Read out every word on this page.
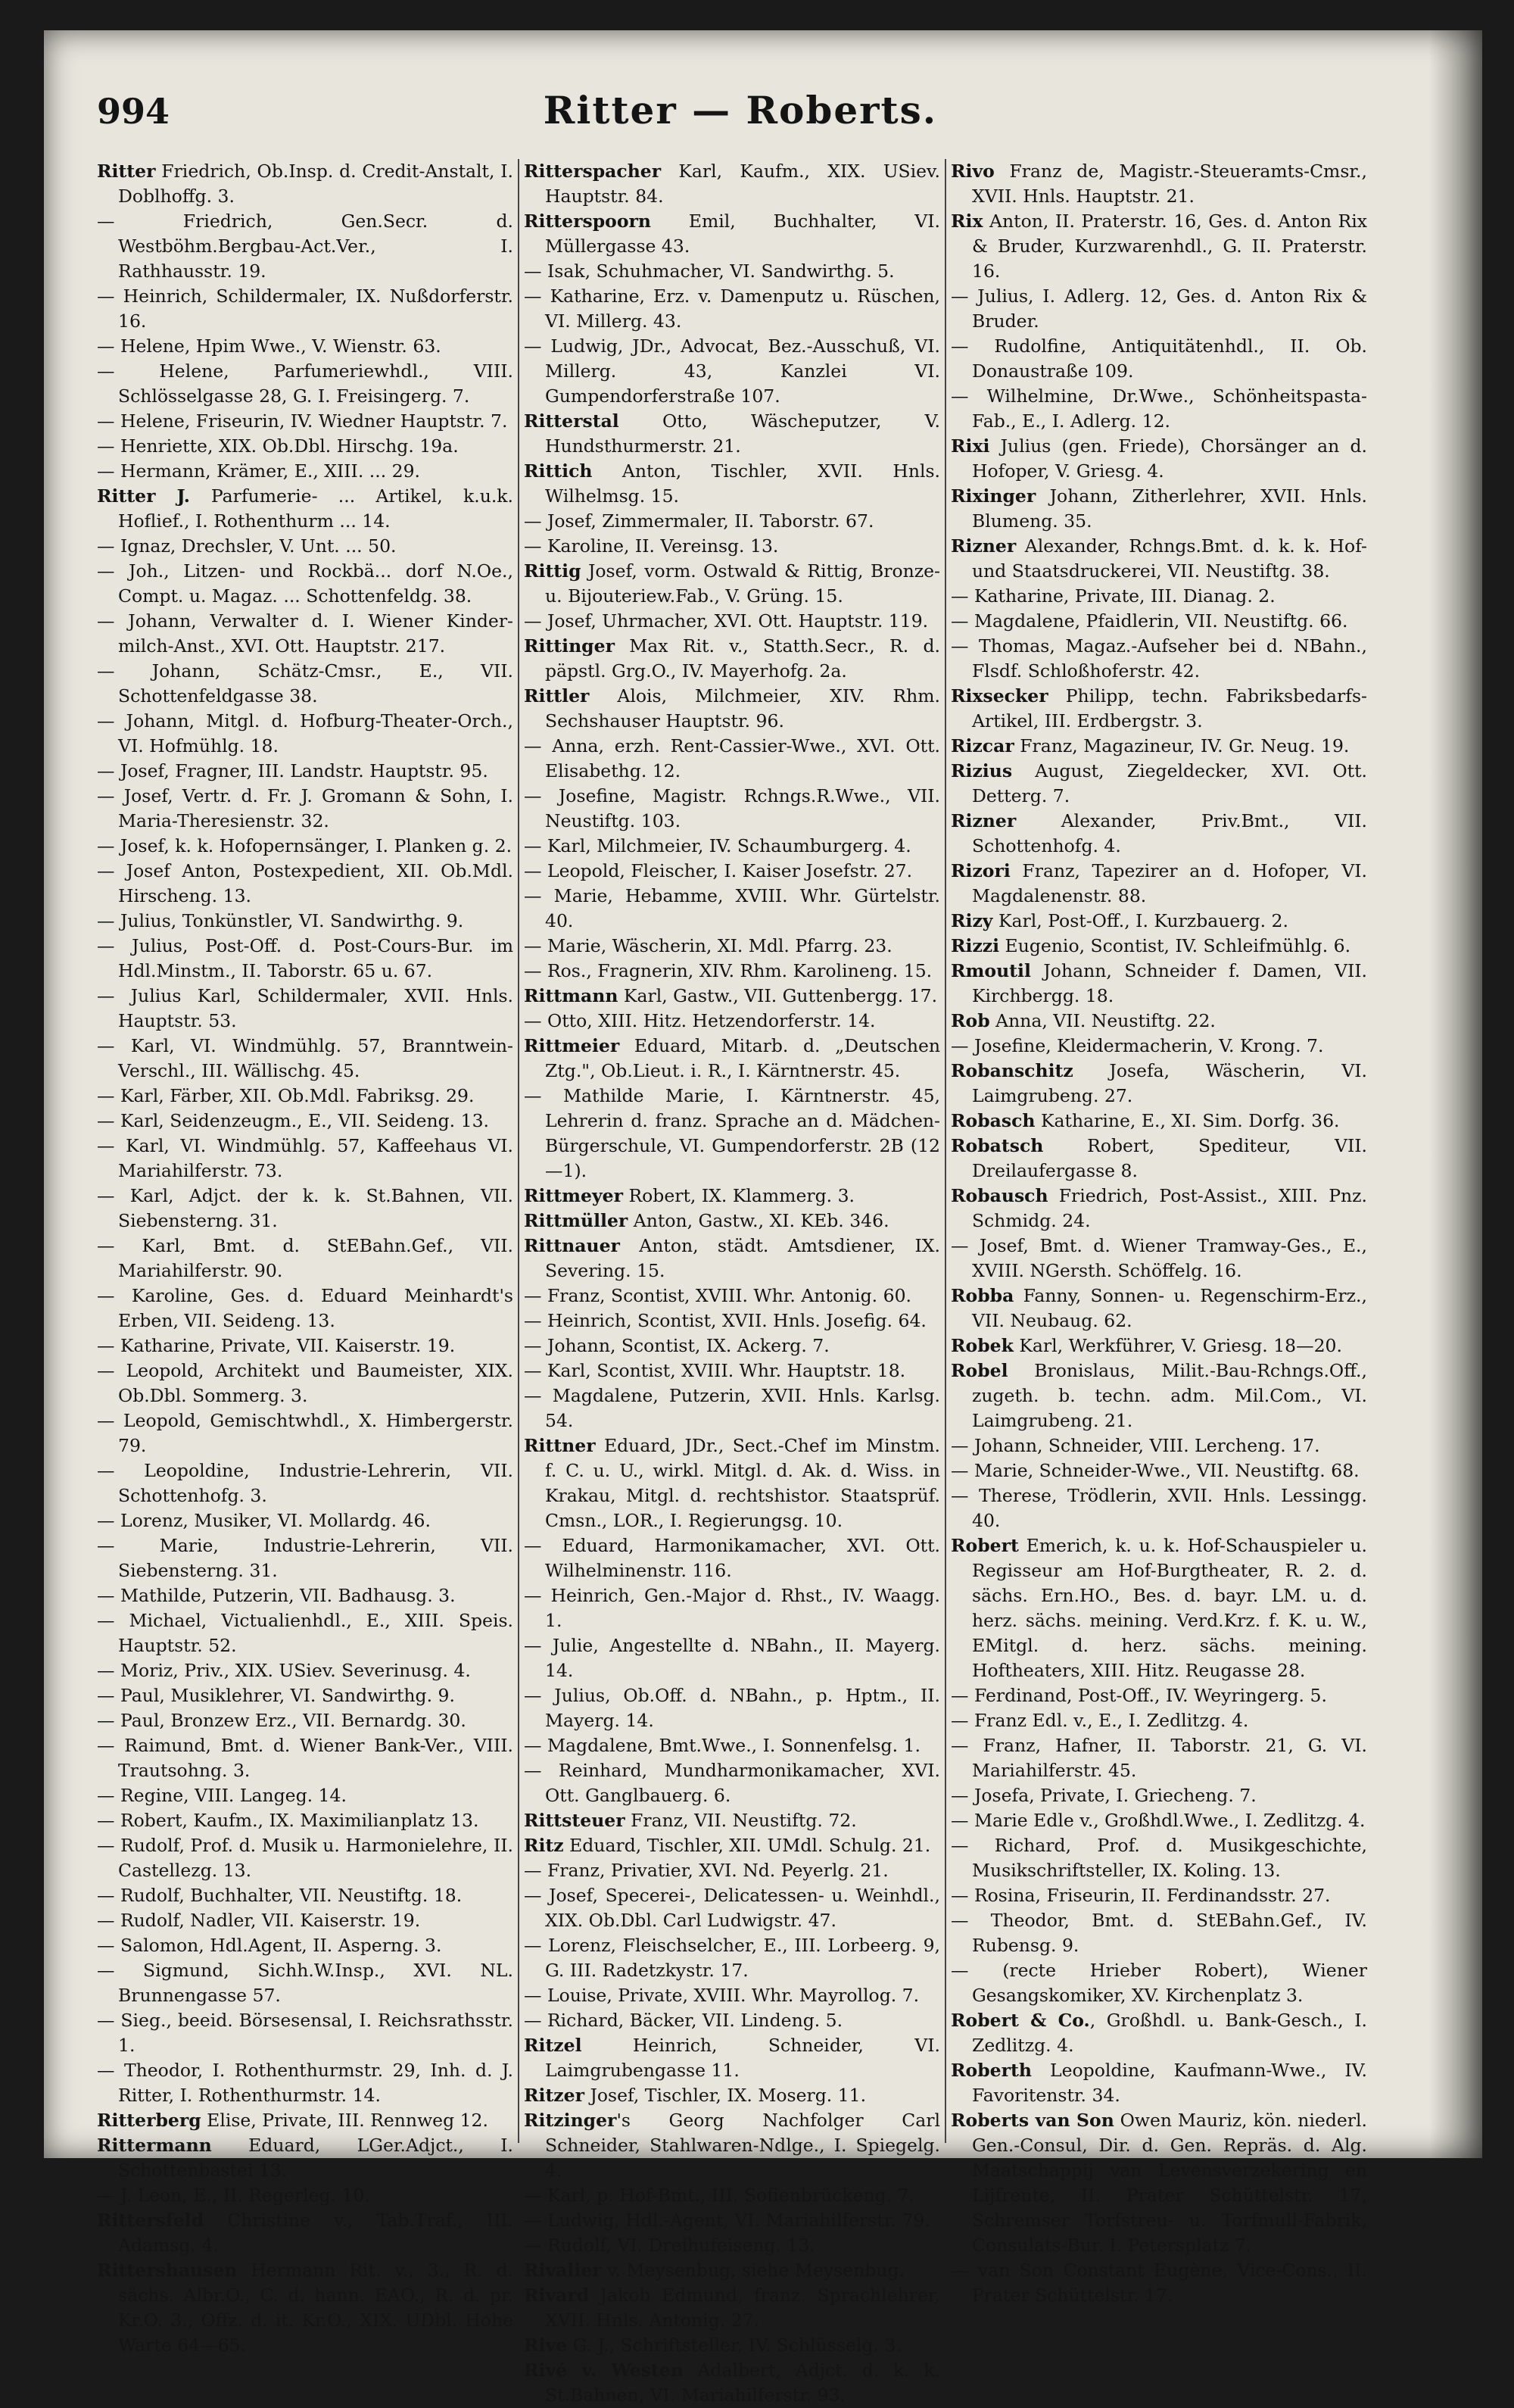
994	Ritter — Roberts.
Ritter Friedrich, Ob.Insp. d. Credit-Anstalt, I. Doblhoffg. 3.
— Friedrich, Gen.Secr. d. Westböhm.Bergbau-Act.Ver., I. Rathhausstr. 19.
— Heinrich, Schildermaler, IX. Nußdorferstr. 16.
— Helene, Hpim Wwe., V. Wienstr. 63.
— Helene, Parfumeriewhdl., VIII. Schlösselgasse 28, G. I. Freisingerg. 7.
— Helene, Friseurin, IV. Wiedner Hauptstr. 7.
— Henriette, XIX. Ob.Dbl. Hirschg. 19a.
— Hermann, Krämer, E., XIII. ... 29.
Ritter J. Parfumerie- ... Artikel, k.u.k. Hoflief., I. Rothenthurm ... 14.
— Ignaz, Drechsler, V. Unt. ... 50.
— Joh., Litzen- und Rockbä... dorf N.Oe., Compt. u. Magaz. ... Schottenfeldg. 38.
— Johann, Verwalter d. I. Wiener Kinder-milch-Anst., XVI. Ott. Hauptstr. 217.
— Johann, Schätz-Cmsr., E., VII. Schottenfeldgasse 38.
— Johann, Mitgl. d. Hofburg-Theater-Orch., VI. Hofmühlg. 18.
— Josef, Fragner, III. Landstr. Hauptstr. 95.
— Josef, Vertr. d. Fr. J. Gromann & Sohn, I. Maria-Theresienstr. 32.
— Josef, k. k. Hofopernsänger, I. Planken g. 2.
— Josef Anton, Postexpedient, XII. Ob.Mdl. Hirscheng. 13.
— Julius, Tonkünstler, VI. Sandwirthg. 9.
— Julius, Post-Off. d. Post-Cours-Bur. im Hdl.Minstm., II. Taborstr. 65 u. 67.
— Julius Karl, Schildermaler, XVII. Hnls. Hauptstr. 53.
— Karl, VI. Windmühlg. 57, Branntwein-Verschl., III. Wällischg. 45.
— Karl, Färber, XII. Ob.Mdl. Fabriksg. 29.
— Karl, Seidenzeugm., E., VII. Seideng. 13.
— Karl, VI. Windmühlg. 57, Kaffeehaus VI. Mariahilferstr. 73.
— Karl, Adjct. der k. k. St.Bahnen, VII. Siebensterng. 31.
— Karl, Bmt. d. StEBahn.Gef., VII. Mariahilferstr. 90.
— Karoline, Ges. d. Eduard Meinhardt's Erben, VII. Seideng. 13.
— Katharine, Private, VII. Kaiserstr. 19.
— Leopold, Architekt und Baumeister, XIX. Ob.Dbl. Sommerg. 3.
— Leopold, Gemischtwhdl., X. Himbergerstr. 79.
— Leopoldine, Industrie-Lehrerin, VII. Schottenhofg. 3.
— Lorenz, Musiker, VI. Mollardg. 46.
— Marie, Industrie-Lehrerin, VII. Siebensterng. 31.
— Mathilde, Putzerin, VII. Badhausg. 3.
— Michael, Victualienhdl., E., XIII. Speis. Hauptstr. 52.
— Moriz, Priv., XIX. USiev. Severinusg. 4.
— Paul, Musiklehrer, VI. Sandwirthg. 9.
— Paul, Bronzew Erz., VII. Bernardg. 30.
— Raimund, Bmt. d. Wiener Bank-Ver., VIII. Trautsohng. 3.
— Regine, VIII. Langeg. 14.
— Robert, Kaufm., IX. Maximilianplatz 13.
— Rudolf, Prof. d. Musik u. Harmonielehre, II. Castellezg. 13.
— Rudolf, Buchhalter, VII. Neustiftg. 18.
— Rudolf, Nadler, VII. Kaiserstr. 19.
— Salomon, Hdl.Agent, II. Asperng. 3.
— Sigmund, Sichh.W.Insp., XVI. NL. Brunnengasse 57.
— Sieg., beeid. Börsesensal, I. Reichsrathsstr. 1.
— Theodor, I. Rothenthurmstr. 29, Inh. d. J. Ritter, I. Rothenthurmstr. 14.
Ritterberg Elise, Private, III. Rennweg 12.
Rittermann Eduard, LGer.Adjct., I. Schottenbastei 13.
— J. Leon, E., II. Regerleg. 10.
Rittersfeld Christine v., Tab.Traf., III. Adamsg. 4.
Rittershausen Hermann Rit. v., 3., R. d. sächs. Albr.O., C. d. hann. EAO., R. d. pr. Kr.O. 3., Offz. d. it. Kr.O., XIX. UDbl. Hohe Warte 64—65.
Ritterspacher Karl, Kaufm., XIX. USiev. Hauptstr. 84.
Ritterspoorn Emil, Buchhalter, VI. Müllergasse 43.
— Isak, Schuhmacher, VI. Sandwirthg. 5.
— Katharine, Erz. v. Damenputz u. Rüschen, VI. Millerg. 43.
— Ludwig, JDr., Advocat, Bez.-Ausschuß, VI. Millerg. 43, Kanzlei VI. Gumpendorferstraße 107.
Ritterstal Otto, Wäscheputzer, V. Hundsthurmerstr. 21.
Rittich Anton, Tischler, XVII. Hnls. Wilhelmsg. 15.
— Josef, Zimmermaler, II. Taborstr. 67.
— Karoline, II. Vereinsg. 13.
Rittig Josef, vorm. Ostwald & Rittig, Bronze- u. Bijouteriew.Fab., V. Grüng. 15.
— Josef, Uhrmacher, XVI. Ott. Hauptstr. 119.
Rittinger Max Rit. v., Statth.Secr., R. d. päpstl. Grg.O., IV. Mayerhofg. 2a.
Rittler Alois, Milchmeier, XIV. Rhm. Sechshauser Hauptstr. 96.
— Anna, erzh. Rent-Cassier-Wwe., XVI. Ott. Elisabethg. 12.
— Josefine, Magistr. Rchngs.R.Wwe., VII. Neustiftg. 103.
— Karl, Milchmeier, IV. Schaumburgerg. 4.
— Leopold, Fleischer, I. Kaiser Josefstr. 27.
— Marie, Hebamme, XVIII. Whr. Gürtelstr. 40.
— Marie, Wäscherin, XI. Mdl. Pfarrg. 23.
— Ros., Fragnerin, XIV. Rhm. Karolineng. 15.
Rittmann Karl, Gastw., VII. Guttenbergg. 17.
— Otto, XIII. Hitz. Hetzendorferstr. 14.
Rittmeier Eduard, Mitarb. d. „Deutschen Ztg.", Ob.Lieut. i. R., I. Kärntnerstr. 45.
— Mathilde Marie, I. Kärntnerstr. 45, Lehrerin d. franz. Sprache an d. Mädchen-Bürgerschule, VI. Gumpendorferstr. 2B (12—1).
Rittmeyer Robert, IX. Klammerg. 3.
Rittmüller Anton, Gastw., XI. KEb. 346.
Rittnauer Anton, städt. Amtsdiener, IX. Severing. 15.
— Franz, Scontist, XVIII. Whr. Antonig. 60.
— Heinrich, Scontist, XVII. Hnls. Josefig. 64.
— Johann, Scontist, IX. Ackerg. 7.
— Karl, Scontist, XVIII. Whr. Hauptstr. 18.
— Magdalene, Putzerin, XVII. Hnls. Karlsg. 54.
Rittner Eduard, JDr., Sect.-Chef im Minstm. f. C. u. U., wirkl. Mitgl. d. Ak. d. Wiss. in Krakau, Mitgl. d. rechtshistor. Staatsprüf. Cmsn., LOR., I. Regierungsg. 10.
— Eduard, Harmonikamacher, XVI. Ott. Wilhelminenstr. 116.
— Heinrich, Gen.-Major d. Rhst., IV. Waagg. 1.
— Julie, Angestellte d. NBahn., II. Mayerg. 14.
— Julius, Ob.Off. d. NBahn., p. Hptm., II. Mayerg. 14.
— Magdalene, Bmt.Wwe., I. Sonnenfelsg. 1.
— Reinhard, Mundharmonikamacher, XVI. Ott. Ganglbauerg. 6.
Rittsteuer Franz, VII. Neustiftg. 72.
Ritz Eduard, Tischler, XII. UMdl. Schulg. 21.
— Franz, Privatier, XVI. Nd. Peyerlg. 21.
— Josef, Specerei-, Delicatessen- u. Weinhdl., XIX. Ob.Dbl. Carl Ludwigstr. 47.
— Lorenz, Fleischselcher, E., III. Lorbeerg. 9, G. III. Radetzkystr. 17.
— Louise, Private, XVIII. Whr. Mayrollog. 7.
— Richard, Bäcker, VII. Lindeng. 5.
Ritzel Heinrich, Schneider, VI. Laimgrubengasse 11.
Ritzer Josef, Tischler, IX. Moserg. 11.
Ritzinger's Georg Nachfolger Carl Schneider, Stahlwaren-Ndlge., I. Spiegelg. 4.
— Karl, p. Hof-Bmt., III. Sofienbrückeng. 7.
— Ludwig, Hdl.-Agent, VI. Mariahilferstr. 79.
— Rudolf, VI. Dreihufeiseng. 13.
Rivalier v. Meysenbug, siehe Meysenbug.
Rivard Jakob Edmund, franz. Sprachlehrer, XVII. Hnls. Antonig. 27.
Rive G. J., Schriftsteller, IV. Schlüsselg. 3.
Rivé v. Westen Adalbert, Adjct. d. k. k. St.Bahnen, VI. Mariahilferstr. 93.
Rivo Franz de, Magistr.-Steueramts-Cmsr., XVII. Hnls. Hauptstr. 21.
Rix Anton, II. Praterstr. 16, Ges. d. Anton Rix & Bruder, Kurzwarenhdl., G. II. Praterstr. 16.
— Julius, I. Adlerg. 12, Ges. d. Anton Rix & Bruder.
— Rudolfine, Antiquitätenhdl., II. Ob. Donaustraße 109.
— Wilhelmine, Dr.Wwe., Schönheitspasta-Fab., E., I. Adlerg. 12.
Rixi Julius (gen. Friede), Chorsänger an d. Hofoper, V. Griesg. 4.
Rixinger Johann, Zitherlehrer, XVII. Hnls. Blumeng. 35.
Rizner Alexander, Rchngs.Bmt. d. k. k. Hof- und Staatsdruckerei, VII. Neustiftg. 38.
— Katharine, Private, III. Dianag. 2.
— Magdalene, Pfaidlerin, VII. Neustiftg. 66.
— Thomas, Magaz.-Aufseher bei d. NBahn., Flsdf. Schloßhoferstr. 42.
Rixsecker Philipp, techn. Fabriksbedarfs-Artikel, III. Erdbergstr. 3.
Rizcar Franz, Magazineur, IV. Gr. Neug. 19.
Rizius August, Ziegeldecker, XVI. Ott. Detterg. 7.
Rizner Alexander, Priv.Bmt., VII. Schottenhofg. 4.
Rizori Franz, Tapezirer an d. Hofoper, VI. Magdalenenstr. 88.
Rizy Karl, Post-Off., I. Kurzbauerg. 2.
Rizzi Eugenio, Scontist, IV. Schleifmühlg. 6.
Rmoutil Johann, Schneider f. Damen, VII. Kirchbergg. 18.
Rob Anna, VII. Neustiftg. 22.
— Josefine, Kleidermacherin, V. Krong. 7.
Robanschitz Josefa, Wäscherin, VI. Laimgrubeng. 27.
Robasch Katharine, E., XI. Sim. Dorfg. 36.
Robatsch Robert, Spediteur, VII. Dreilaufergasse 8.
Robausch Friedrich, Post-Assist., XIII. Pnz. Schmidg. 24.
— Josef, Bmt. d. Wiener Tramway-Ges., E., XVIII. NGersth. Schöffelg. 16.
Robba Fanny, Sonnen- u. Regenschirm-Erz., VII. Neubaug. 62.
Robek Karl, Werkführer, V. Griesg. 18—20.
Robel Bronislaus, Milit.-Bau-Rchngs.Off., zugeth. b. techn. adm. Mil.Com., VI. Laimgrubeng. 21.
— Johann, Schneider, VIII. Lercheng. 17.
— Marie, Schneider-Wwe., VII. Neustiftg. 68.
— Therese, Trödlerin, XVII. Hnls. Lessingg. 40.
Robert Emerich, k. u. k. Hof-Schauspieler u. Regisseur am Hof-Burgtheater, R. 2. d. sächs. Ern.HO., Bes. d. bayr. LM. u. d. herz. sächs. meining. Verd.Krz. f. K. u. W., EMitgl. d. herz. sächs. meining. Hoftheaters, XIII. Hitz. Reugasse 28.
— Ferdinand, Post-Off., IV. Weyringerg. 5.
— Franz Edl. v., E., I. Zedlitzg. 4.
— Franz, Hafner, II. Taborstr. 21, G. VI. Mariahilferstr. 45.
— Josefa, Private, I. Griecheng. 7.
— Marie Edle v., Großhdl.Wwe., I. Zedlitzg. 4.
— Richard, Prof. d. Musikgeschichte, Musikschriftsteller, IX. Koling. 13.
— Rosina, Friseurin, II. Ferdinandsstr. 27.
— Theodor, Bmt. d. StEBahn.Gef., IV. Rubensg. 9.
— (recte Hrieber Robert), Wiener Gesangskomiker, XV. Kirchenplatz 3.
Robert & Co., Großhdl. u. Bank-Gesch., I. Zedlitzg. 4.
Roberth Leopoldine, Kaufmann-Wwe., IV. Favoritenstr. 34.
Roberts van Son Owen Mauriz, kön. niederl. Gen.-Consul, Dir. d. Gen. Repräs. d. Alg. Maatschappij van Levensverzekering en Lijfrente, II. Prater Schüttelstr. 17, Schremser Torfstreu- u. Torfmull-Fabrik, Consulats-Bur. I. Petersplatz 7.
— van Son Constant Eugène, Vice-Cons., II. Prater Schüttelstr. 17.
